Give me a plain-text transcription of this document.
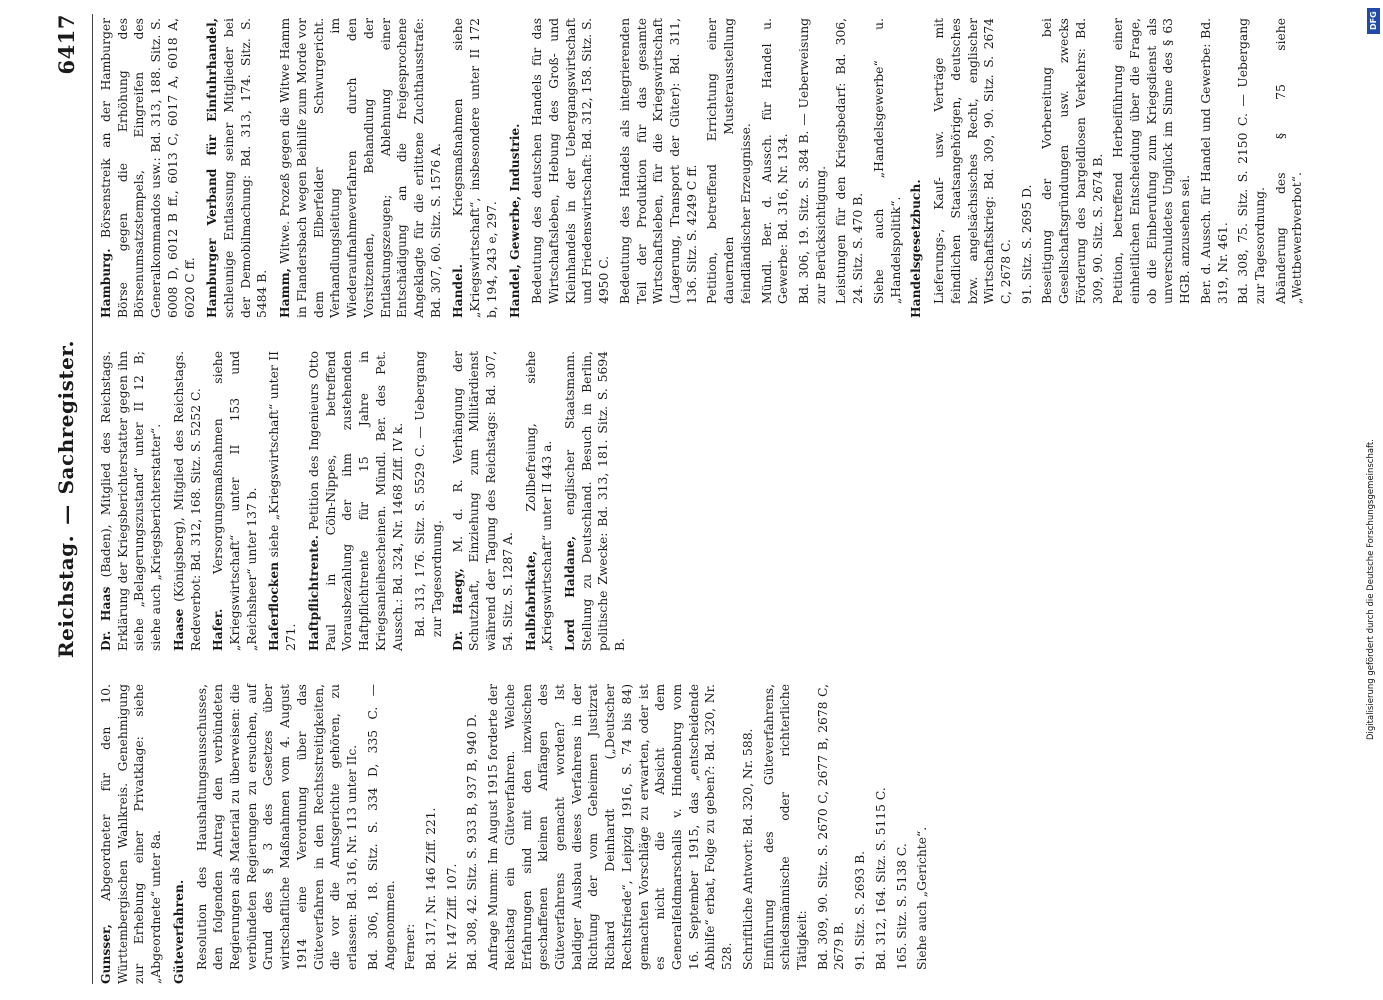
Reichstag.—Sachregister.
6417

Gunsser, Abgeordneter für den 10. Württembergischen Wahlkreis. Genehmigung zur Erhebung einer Privatklage: siehe „Abgeordnete“ unter 8a. Güteverfahren. Resolution des Haushaltungsausschusses, den folgenden Antrag den verbündeten Regierungen als Material zu überweisen: die verbündeten Regierungen zu ersuchen, auf Grund des § 3 des Gesetzes über wirtschaftliche Maßnahmen vom 4. August 1914 eine Verordnung über das Güteverfahren in den Rechtsstreitigkeiten, die vor die Amtsgerichte gehören, zu erlassen: Bd. 316, Nr. 113 unter IIc. Bd. 306, 18. Sitz. S. 334 D, 335 C. — Angenommen. Ferner: Bd. 317, Nr. 146 Ziff. 221. Nr. 147 Ziff. 107. Bd. 308, 42. Sitz. S. 933 B, 937 B, 940 D. Anfrage Mumm: Im August 1915 forderte der Reichstag ein Güteverfahren. Welche Erfahrungen sind mit den inzwischen geschaffenen kleinen Anfängen des Güteverfahrens gemacht worden? Ist baldiger Ausbau dieses Verfahrens in der Richtung der vom Geheimen Justizrat Richard Deinhardt („Deutscher Rechtsfriede“, Leipzig 1916, S. 74 bis 84) gemachten Vorschläge zu erwarten, oder ist es nicht die Absicht dem Generalfeldmarschalls v. Hindenburg vom 16. September 1915, das „entscheidende Abhilfe“ erbat, Folge zu geben?: Bd. 320, Nr. 528. Schriftliche Antwort: Bd. 320, Nr. 588. Einführung des Güteverfahrens, schiedsmännische oder richterliche Tätigkeit: Bd. 309, 90. Sitz. S. 2670 C, 2677 B, 2678 C, 2679 B. 91. Sitz. S. 2693 B. Bd. 312, 164. Sitz. S. 5115 C. 165. Sitz. S. 5138 C. Siehe auch „Gerichte“.

Dr. Haas (Baden), Mitglied des Reichstags. Erklärung der Kriegsberichterstatter gegen ihn siehe „Belagerungszustand“ unter II 12 B; siehe auch „Kriegsberichterstatter“. Haase (Königsberg), Mitglied des Reichstags. Redeverbot: Bd. 312, 168. Sitz. S. 5252 C. Hafer. Versorgungsmaßnahmen siehe „Kriegswirtschaft“ unter II 153 und „Reichsheer“ unter 137 b. Haferflocken siehe „Kriegswirtschaft“ unter II 271. Haftpflichtrente. Petition des Ingenieurs Otto Paul in Cöln-Nippes, betreffend Vorausbezahlung der ihm zustehenden Haftpflichtrente für 15 Jahre in Kriegsanleihescheinen. Mündl. Ber. des Pet. Aussch.: Bd. 324, Nr. 1468 Ziff. IV k. Bd. 313, 176. Sitz. S. 5529 C. — Uebergang zur Tagesordnung. Dr. Haegy, M. d. R. Verhängung der Schutzhaft, Einziehung zum Militärdienst während der Tagung des Reichstags: Bd. 307, 54. Sitz. S. 1287 A. Halbfabrikate, Zollbefreiung, siehe „Kriegswirtschaft“ unter II 443 a. Lord Haldane, englischer Staatsmann. Stellung zu Deutschland. Besuch in Berlin, politische Zwecke: Bd. 313, 181. Sitz. S. 5694 B.

Hamburg. Börsenstreik an der Hamburger Börse gegen die Erhöhung des Börsenumsatzstempels, Eingreifen des Generalkommandos usw.: Bd. 313, 188. Sitz. S. 6008 D, 6012 B ff., 6013 C, 6017 A, 6018 A, 6020 C ff. Hamburger Verband für Einfuhrhandel, schleunige Entlassung seiner Mitglieder bei der Demobilmachung: Bd. 313, 174. Sitz. S. 5484 B. Hamm, Witwe. Prozeß gegen die Witwe Hamm in Flandersbach wegen Beihilfe zum Morde vor dem Elberfelder Schwurgericht. Verhandlungsleitung im Wiederaufnahmeverfahren durch den Vorsitzenden, Behandlung der Entlastungszeugen; Ablehnung einer Entschädigung an die freigesprochene Angeklagte für die erlittene Zuchthausstrafe: Bd. 307, 60. Sitz. S. 1576 A. Handel. Kriegsmaßnahmen siehe „Kriegswirtschaft“, insbesondere unter II 172 b, 194, 243 e, 297. Handel, Gewerbe, Industrie. Bedeutung des deutschen Handels für das Wirtschaftsleben, Hebung des Groß- und Kleinhandels in der Uebergangswirtschaft und Friedenswirtschaft: Bd. 312, 158. Sitz. S. 4950 C. Bedeutung des Handels als integrierenden Teil der Produktion für das gesamte Wirtschaftsleben, für die Kriegswirtschaft (Lagerung, Transport der Güter): Bd. 311, 136. Sitz. S. 4249 C ff. Petition, betreffend Errichtung einer dauernden Musterausstellung feindländischer Erzeugnisse. Mündl. Ber. d. Aussch. für Handel u. Gewerbe: Bd. 316, Nr. 134. Bd. 306, 19. Sitz. S. 384 B. — Ueberweisung zur Berücksichtigung. Leistungen für den Kriegsbedarf: Bd. 306, 24. Sitz. S. 470 B. Siehe auch „Handelsgewerbe“ u. „Handelspolitik“. Handelsgesetzbuch. Lieferungs-, Kauf- usw. Verträge mit feindlichen Staatsangehörigen, deutsches bzw. angelsächsisches Recht, englischer Wirtschaftskrieg: Bd. 309, 90. Sitz. S. 2674 C, 2678 C. 91. Sitz. S. 2695 D. Beseitigung der Vorbereitung bei Gesellschaftsgründungen usw. zwecks Förderung des bargeldlosen Verkehrs: Bd. 309, 90. Sitz. S. 2674 B. Petition, betreffend Herbeiführung einer einheitlichen Entscheidung über die Frage, ob die Einberufung zum Kriegsdienst als unverschuldetes Unglück im Sinne des § 63 HGB. anzusehen sei. Ber. d. Aussch. für Handel und Gewerbe: Bd. 319, Nr. 461. Bd. 308, 75. Sitz. S. 2150 C. — Uebergang zur Tagesordnung. Abänderung des § 75 siehe „Wettbewerbverbot“.

DFG
Digitalisierung gefördert durch die Deutsche Forschungsgemeinschaft.
